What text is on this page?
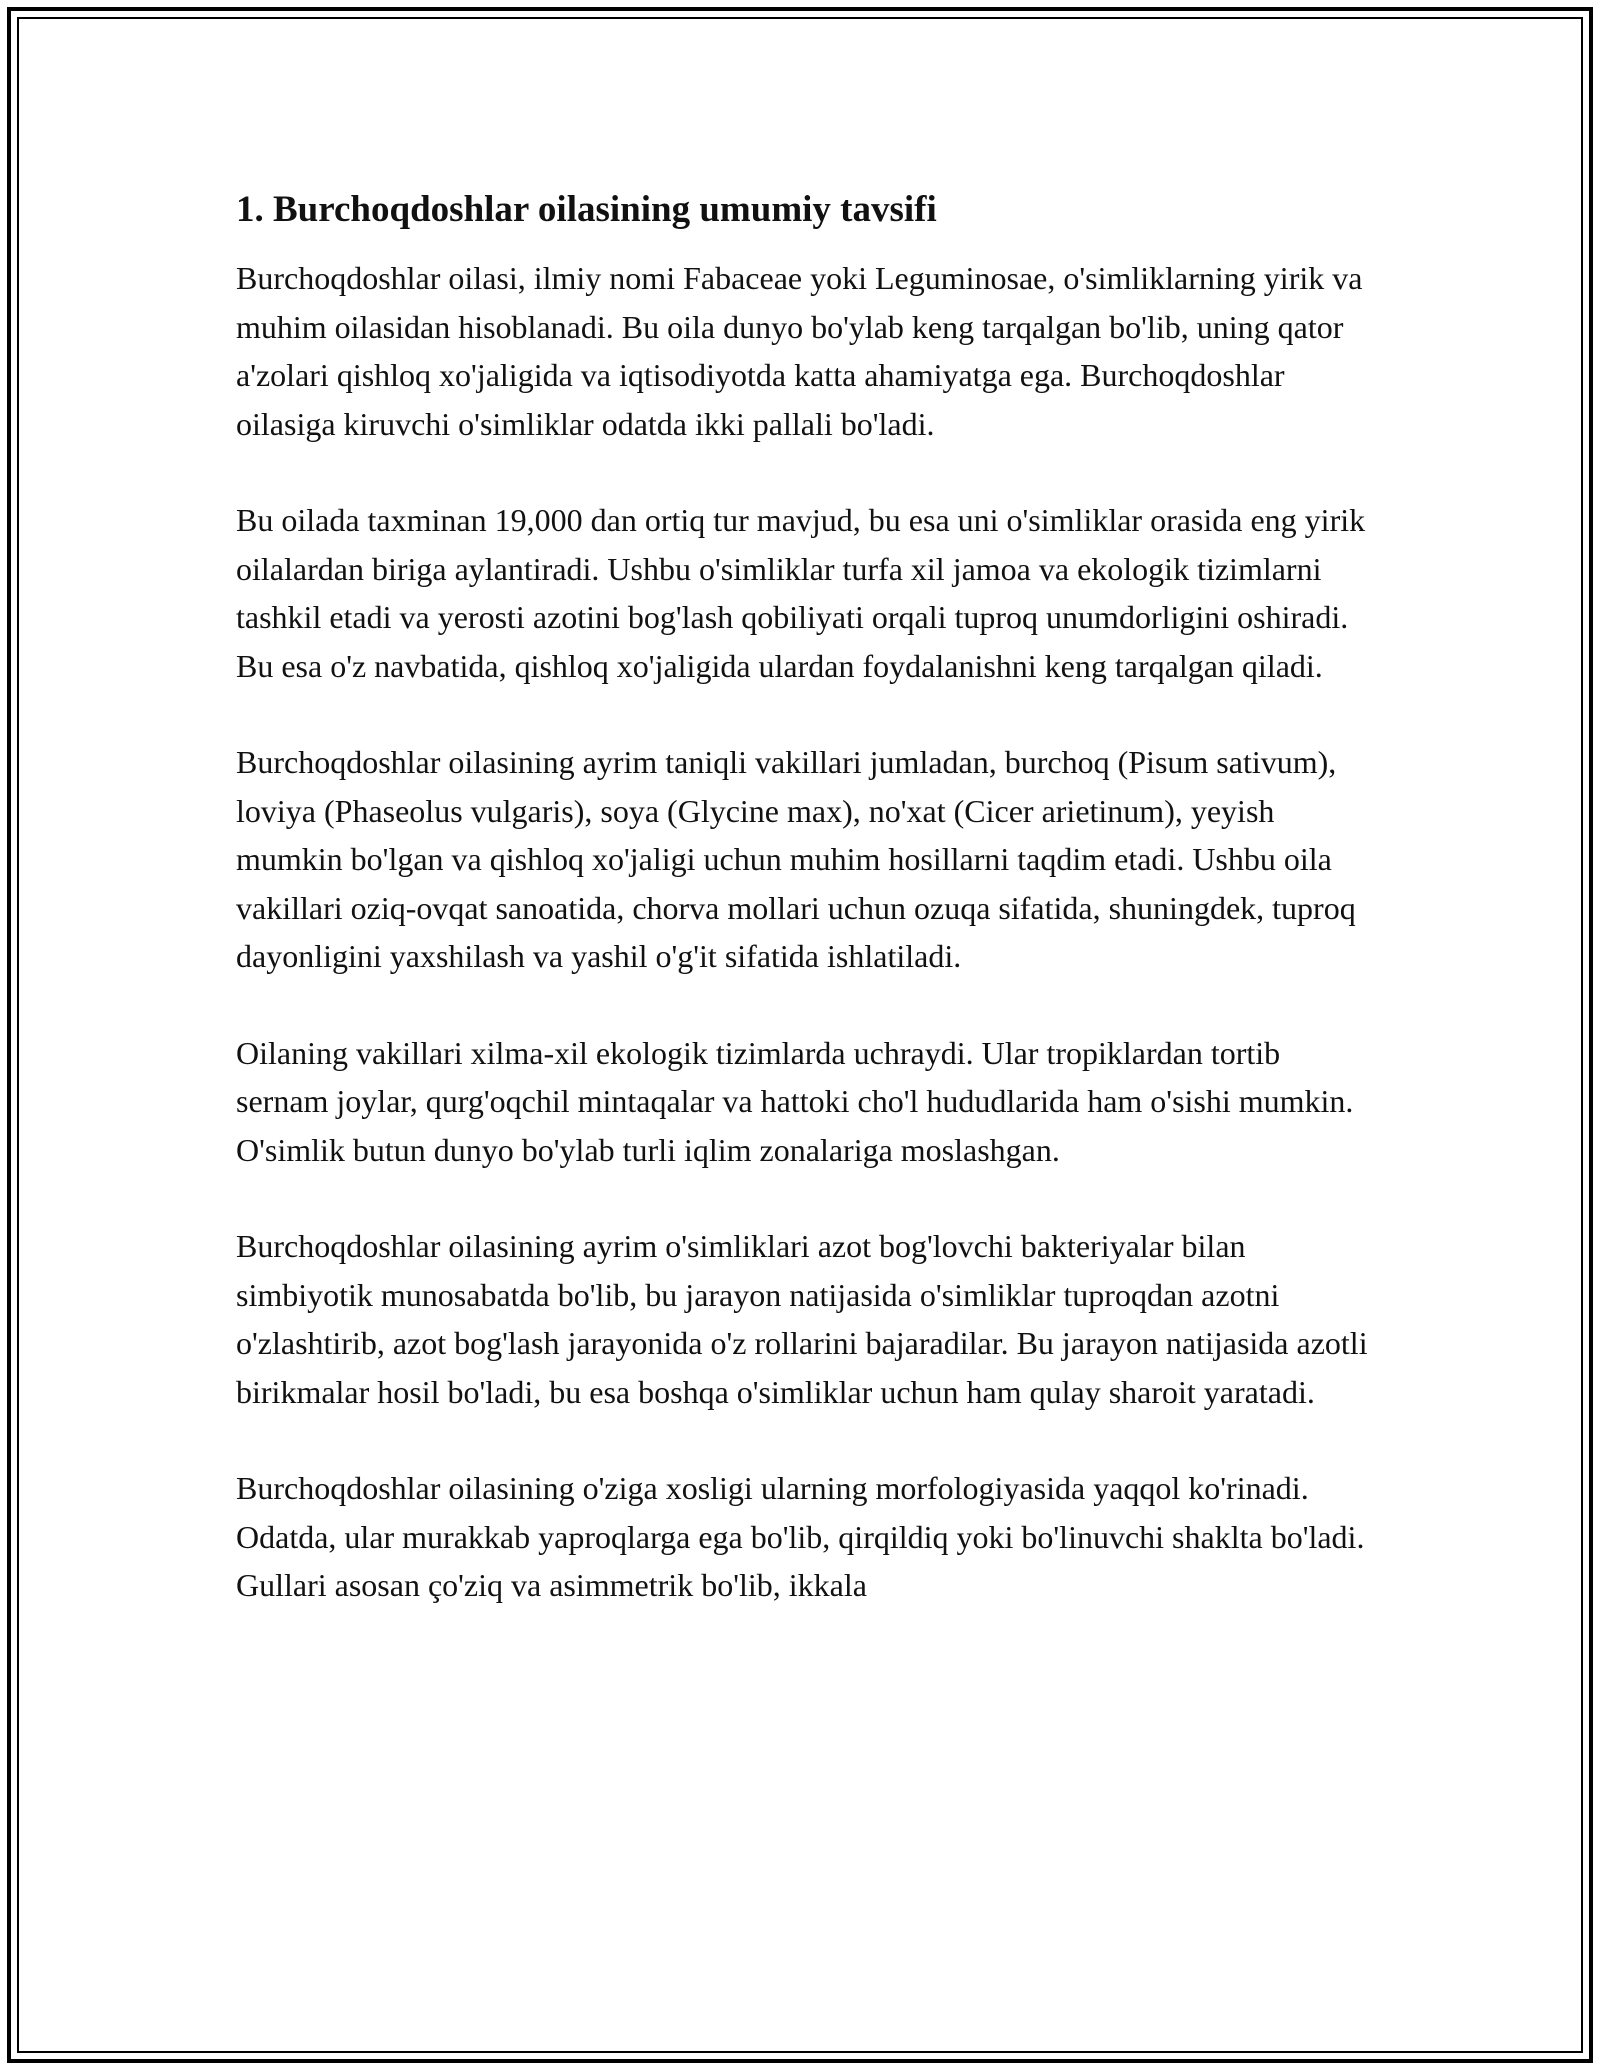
1. Burchoqdoshlar oilasining umumiy tavsifi

Burchoqdoshlar oilasi, ilmiy nomi Fabaceae yoki Leguminosae, o'simliklarning yirik va muhim oilasidan hisoblanadi. Bu oila dunyo bo'ylab keng tarqalgan bo'lib, uning qator a'zolari qishloq xo'jaligida va iqtisodiyotda katta ahamiyatga ega. Burchoqdoshlar oilasiga kiruvchi o'simliklar odatda ikki pallali bo'ladi.

Bu oilada taxminan 19,000 dan ortiq tur mavjud, bu esa uni o'simliklar orasida eng yirik oilalardan biriga aylantiradi. Ushbu o'simliklar turfa xil jamoa va ekologik tizimlarni tashkil etadi va yerosti azotini bog'lash qobiliyati orqali tuproq unumdorligini oshiradi. Bu esa o'z navbatida, qishloq xo'jaligida ulardan foydalanishni keng tarqalgan qiladi.

Burchoqdoshlar oilasining ayrim taniqli vakillari jumladan, burchoq (Pisum sativum), loviya (Phaseolus vulgaris), soya (Glycine max), no'xat (Cicer arietinum), yeyish mumkin bo'lgan va qishloq xo'jaligi uchun muhim hosillarni taqdim etadi. Ushbu oila vakillari oziq-ovqat sanoatida, chorva mollari uchun ozuqa sifatida, shuningdek, tuproq dayonligini yaxshilash va yashil o'g'it sifatida ishlatiladi.

Oilaning vakillari xilma-xil ekologik tizimlarda uchraydi. Ular tropiklardan tortib sernam joylar, qurg'oqchil mintaqalar va hattoki cho'l hududlarida ham o'sishi mumkin. O'simlik butun dunyo bo'ylab turli iqlim zonalariga moslashgan.

Burchoqdoshlar oilasining ayrim o'simliklari azot bog'lovchi bakteriyalar bilan simbiyotik munosabatda bo'lib, bu jarayon natijasida o'simliklar tuproqdan azotni o'zlashtirib, azot bog'lash jarayonida o'z rollarini bajaradilar. Bu jarayon natijasida azotli birikmalar hosil bo'ladi, bu esa boshqa o'simliklar uchun ham qulay sharoit yaratadi.

Burchoqdoshlar oilasining o'ziga xosligi ularning morfologiyasida yaqqol ko'rinadi. Odatda, ular murakkab yaproqlarga ega bo'lib, qirqildiq yoki bo'linuvchi shaklta bo'ladi. Gullari asosan ço'ziq va asimmetrik bo'lib, ikkala
